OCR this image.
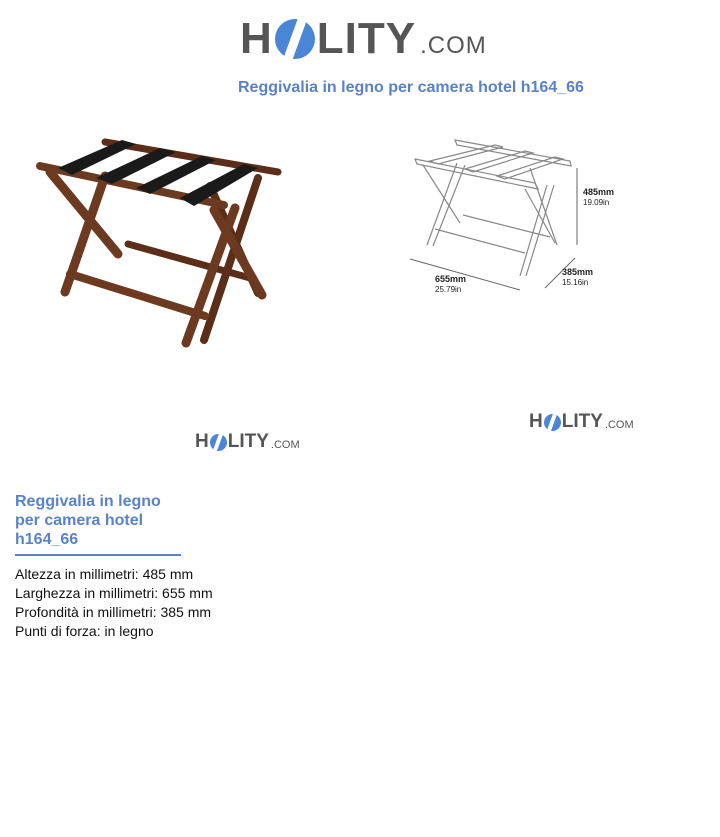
H LITY .COM
Reggivalia in legno per camera hotel h164_66
485mm
19.09in
655mm
25.79in
385mm
15.16in
H LITY .COM
H LITY .COM
Reggivalia in legno
per camera hotel
h164_66
Altezza in millimetri: 485 mm
Larghezza in millimetri: 655 mm
Profondità in millimetri: 385 mm
Punti di forza: in legno
